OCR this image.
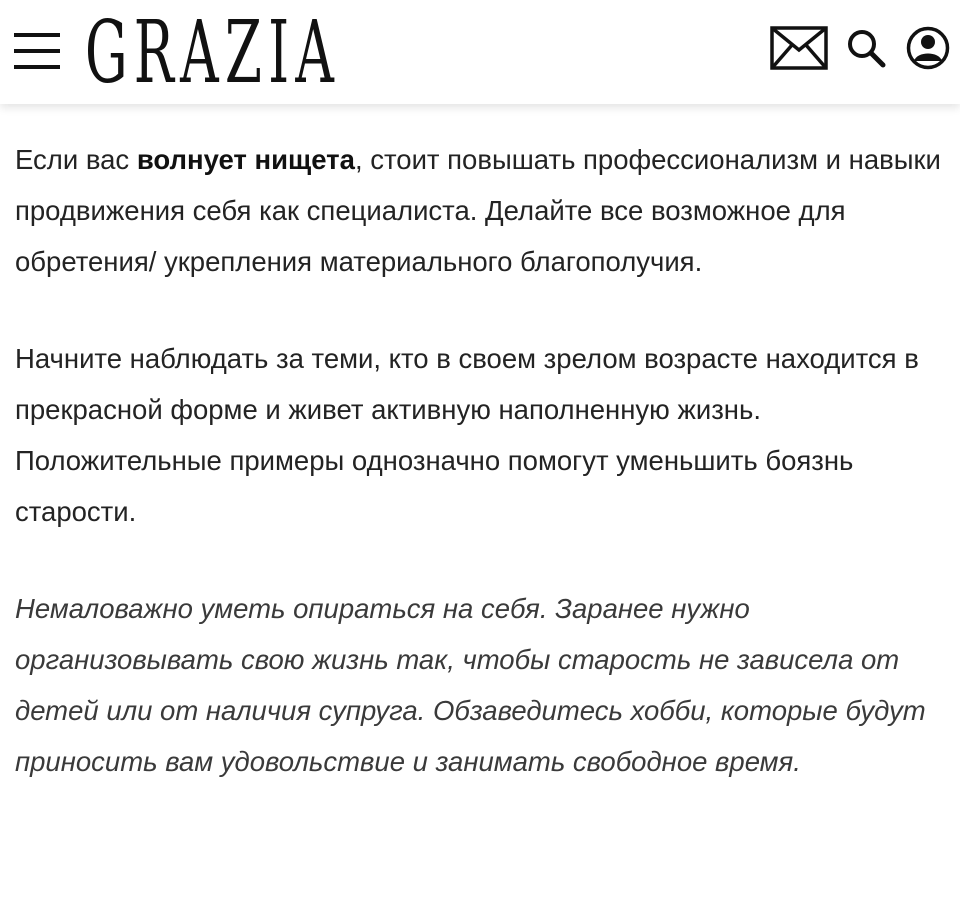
GRAZIA

Если вас волнует нищета, стоит повышать профессионализм и навыки продвижения себя как специалиста. Делайте все возможное для обретения/ укрепления материального благополучия.

Начните наблюдать за теми, кто в своем зрелом возрасте находится в прекрасной форме и живет активную наполненную жизнь. Положительные примеры однозначно помогут уменьшить боязнь старости.

Немаловажно уметь опираться на себя. Заранее нужно организовывать свою жизнь так, чтобы старость не зависела от детей или от наличия супруга. Обзаведитесь хобби, которые будут приносить вам удовольствие и занимать свободное время.
